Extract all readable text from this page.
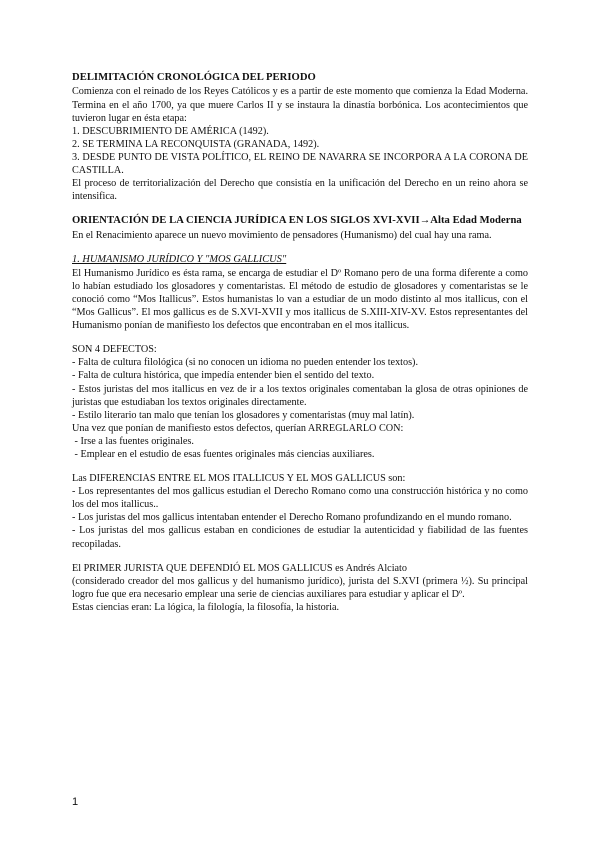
DELIMITACIÓN CRONOLÓGICA DEL PERIODO

Comienza con el reinado de los Reyes Católicos y es a partir de este momento que comienza la Edad Moderna. Termina en el año 1700, ya que muere Carlos II y se instaura la dinastía borbónica. Los acontecimientos que tuvieron lugar en ésta etapa:

1. DESCUBRIMIENTO DE AMÉRICA (1492).

2. SE TERMINA LA RECONQUISTA (GRANADA, 1492).

3. DESDE PUNTO DE VISTA POLÍTICO, EL REINO DE NAVARRA SE INCORPORA A LA CORONA DE CASTILLA.

El proceso de territorialización del Derecho que consistía en la unificación del Derecho en un reino ahora se intensifica.

ORIENTACIÓN DE LA CIENCIA JURÍDICA EN LOS SIGLOS XVI-XVII→Alta Edad Moderna

En el Renacimiento aparece un nuevo movimiento de pensadores (Humanismo) del cual hay una rama.

1. HUMANISMO JURÍDICO Y "MOS GALLICUS"

El Humanismo Jurídico es ésta rama, se encarga de estudiar el Dº Romano pero de una forma diferente a como lo habían estudiado los glosadores y comentaristas. El método de estudio de glosadores y comentaristas se le conoció como “Mos Itallicus”. Estos humanistas lo van a estudiar de un modo distinto al mos itallicus, con el “Mos Gallicus”. El mos gallicus es de S.XVI-XVII y mos itallicus de S.XIII-XIV-XV. Estos representantes del Humanismo ponían de manifiesto los defectos que encontraban en el mos itallicus.

SON 4 DEFECTOS:

- Falta de cultura filológica (si no conocen un idioma no pueden entender los textos).

- Falta de cultura histórica, que impedía entender bien el sentido del texto.

- Estos juristas del mos itallicus en vez de ir a los textos originales comentaban la glosa de otras opiniones de juristas que estudiaban los textos originales directamente.

- Estilo literario tan malo que tenían los glosadores y comentaristas (muy mal latín).

Una vez que ponían de manifiesto estos defectos, querían ARREGLARLO CON:

- Irse a las fuentes originales.

- Emplear en el estudio de esas fuentes originales más ciencias auxiliares.

Las DIFERENCIAS ENTRE EL MOS ITALLICUS Y EL MOS GALLICUS son:

- Los representantes del mos gallicus estudian el Derecho Romano como una construcción histórica y no como los del mos itallicus..

- Los juristas del mos gallicus intentaban entender el Derecho Romano profundizando en el mundo romano.

- Los juristas del mos gallicus estaban en condiciones de estudiar la autenticidad y fiabilidad de las fuentes recopiladas.

El PRIMER JURISTA QUE DEFENDIÓ EL MOS GALLICUS es Andrés Alciato

(considerado creador del mos gallicus y del humanismo jurídico), jurista del S.XVI (primera ½). Su principal logro fue que era necesario emplear una serie de ciencias auxiliares para estudiar y aplicar el Dº.

Estas ciencias eran: La lógica, la filología, la filosofía, la historia.

1
